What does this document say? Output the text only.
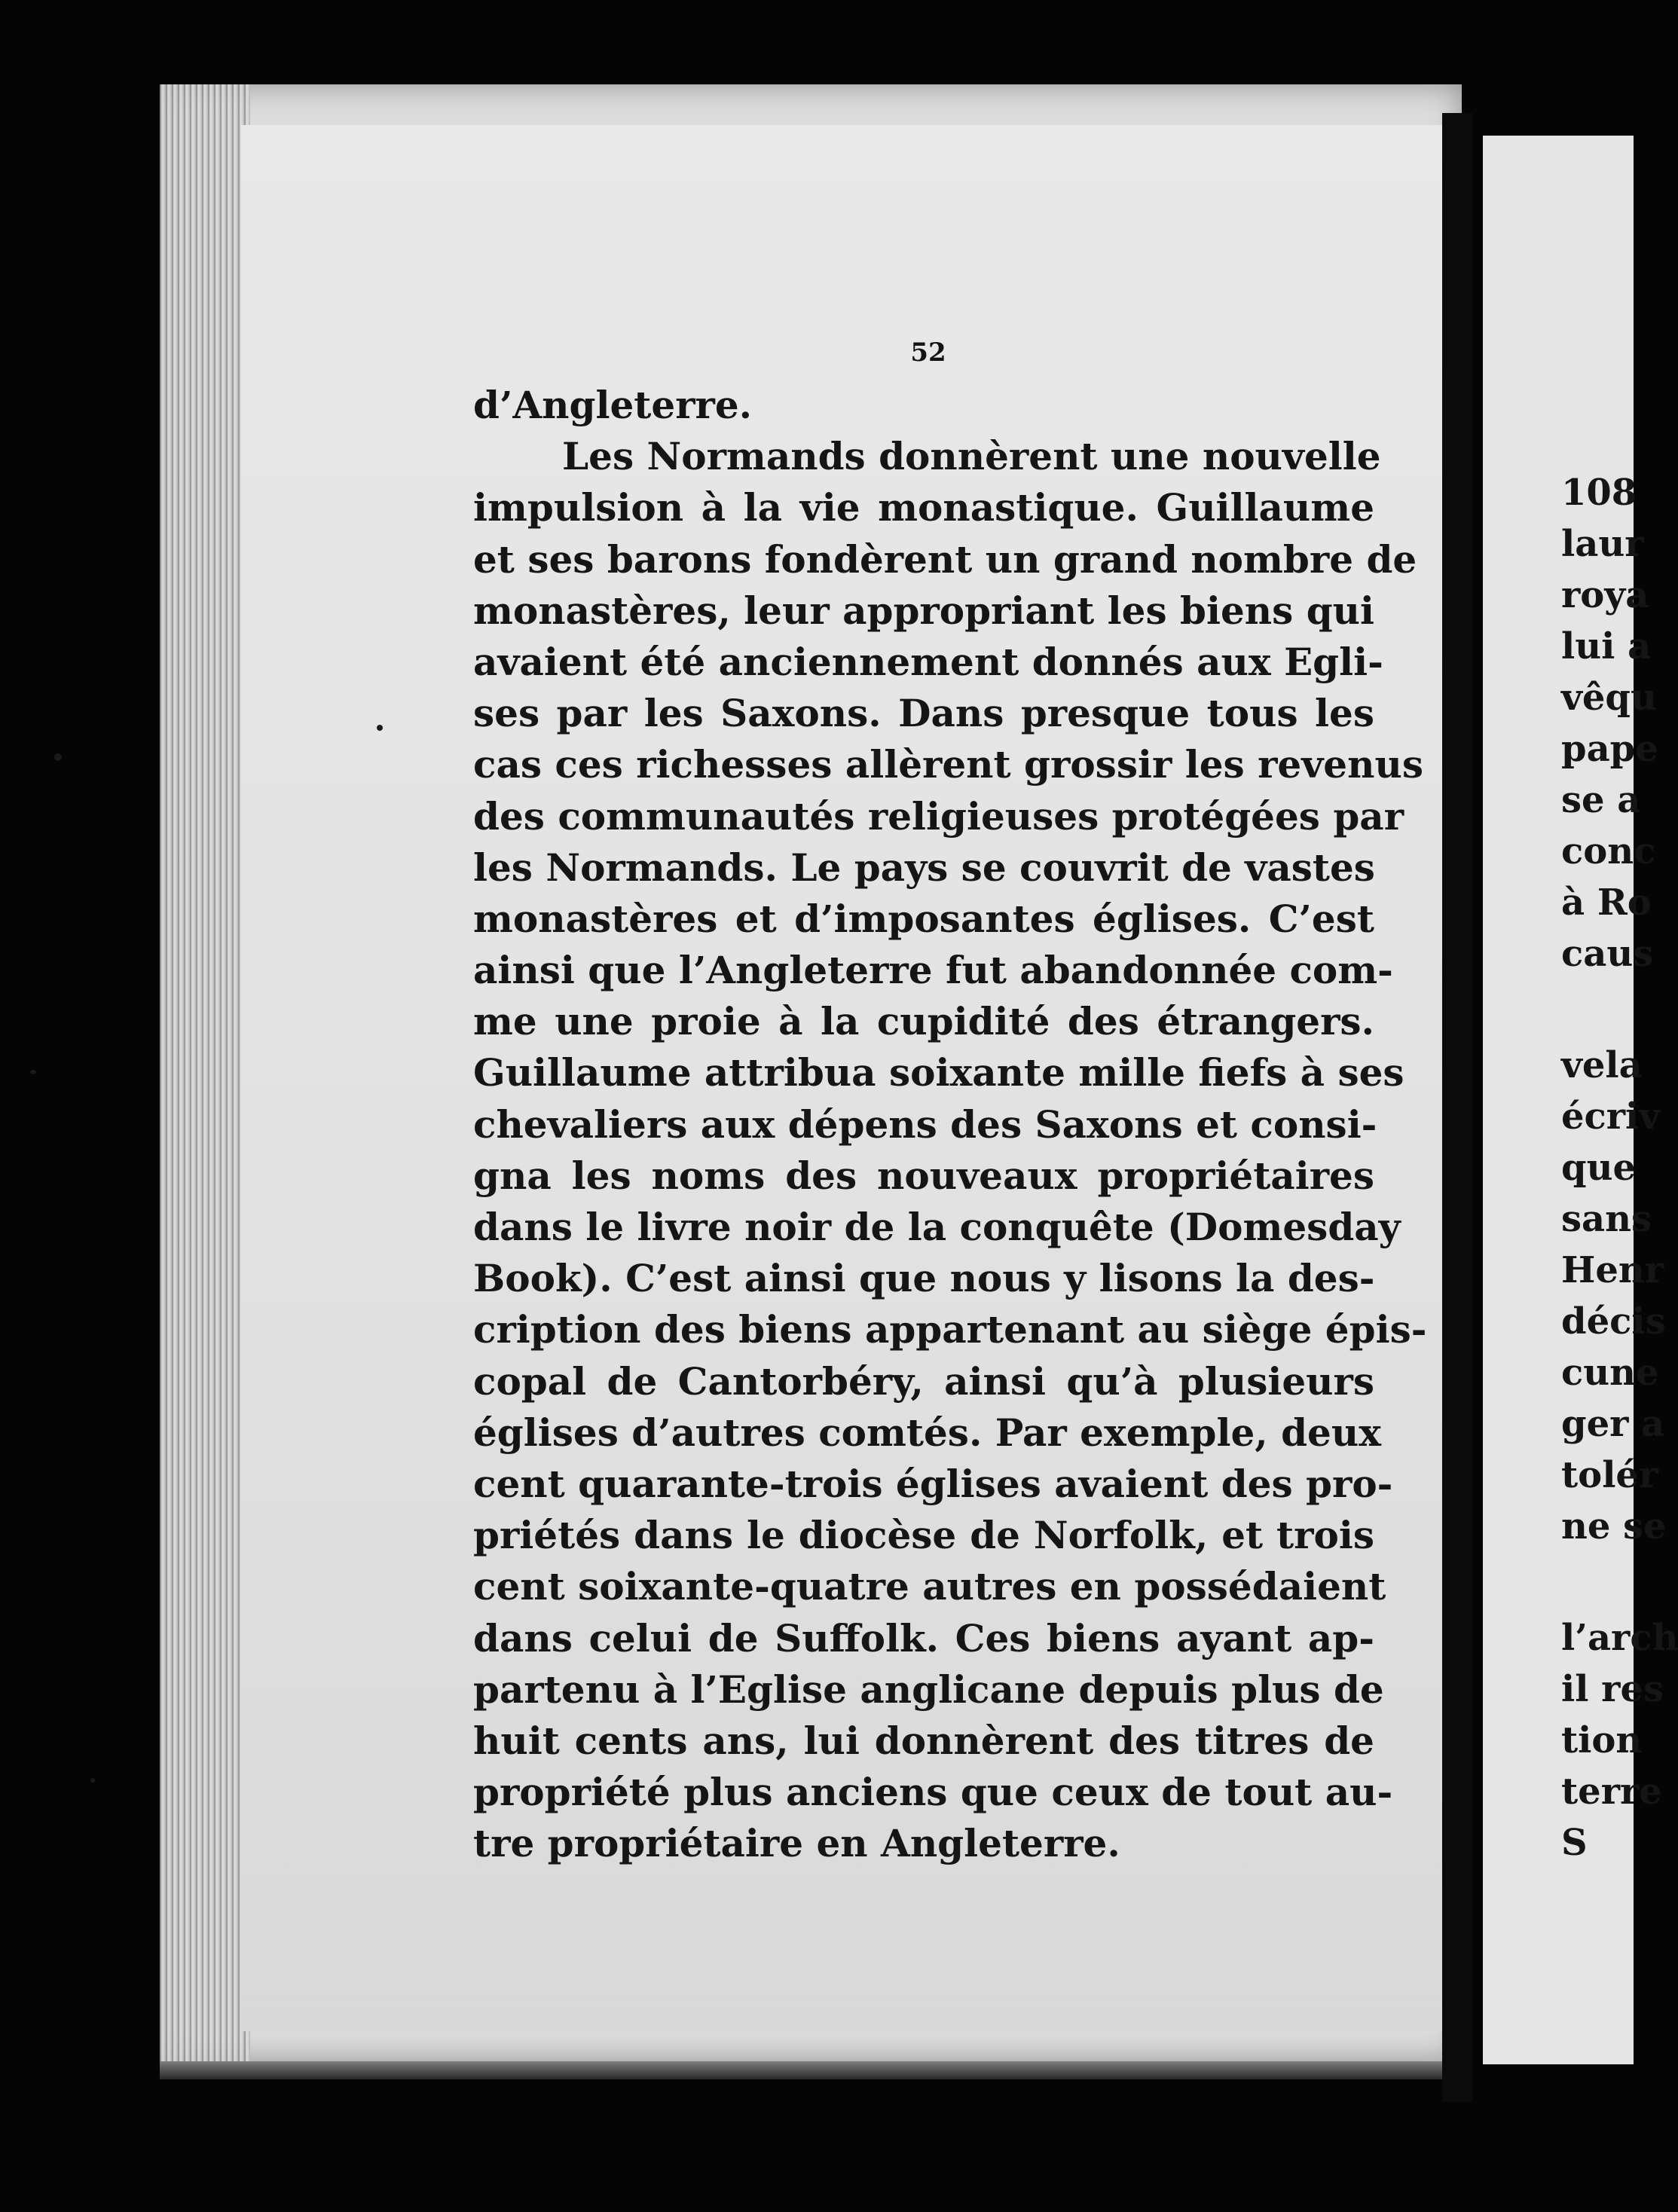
52
d’Angleterre.
Les Normands donnèrent une nouvelle
impulsion à la vie monastique. Guillaume
et ses barons fondèrent un grand nombre de
monastères, leur appropriant les biens qui
avaient été anciennement donnés aux Egli-
ses par les Saxons. Dans presque tous les
cas ces richesses allèrent grossir les revenus
des communautés religieuses protégées par
les Normands. Le pays se couvrit de vastes
monastères et d’imposantes églises. C’est
ainsi que l’Angleterre fut abandonnée com-
me une proie à la cupidité des étrangers.
Guillaume attribua soixante mille fiefs à ses
chevaliers aux dépens des Saxons et consi-
gna les noms des nouveaux propriétaires
dans le livre noir de la conquête (Domesday
Book). C’est ainsi que nous y lisons la des-
cription des biens appartenant au siège épis-
copal de Cantorbéry, ainsi qu’à plusieurs
églises d’autres comtés. Par exemple, deux
cent quarante-trois églises avaient des pro-
priétés dans le diocèse de Norfolk, et trois
cent soixante-quatre autres en possédaient
dans celui de Suffolk. Ces biens ayant ap-
partenu à l’Eglise anglicane depuis plus de
huit cents ans, lui donnèrent des titres de
propriété plus anciens que ceux de tout au-
tre propriétaire en Angleterre.
108
laur
roya
lui a
vêqu
pape
se a
conc
à Ro
caus
vela
écriv
que
sans
Henr
décis
cune
ger a
tolér
ne se
l’arch
il res
tion
terre
S
